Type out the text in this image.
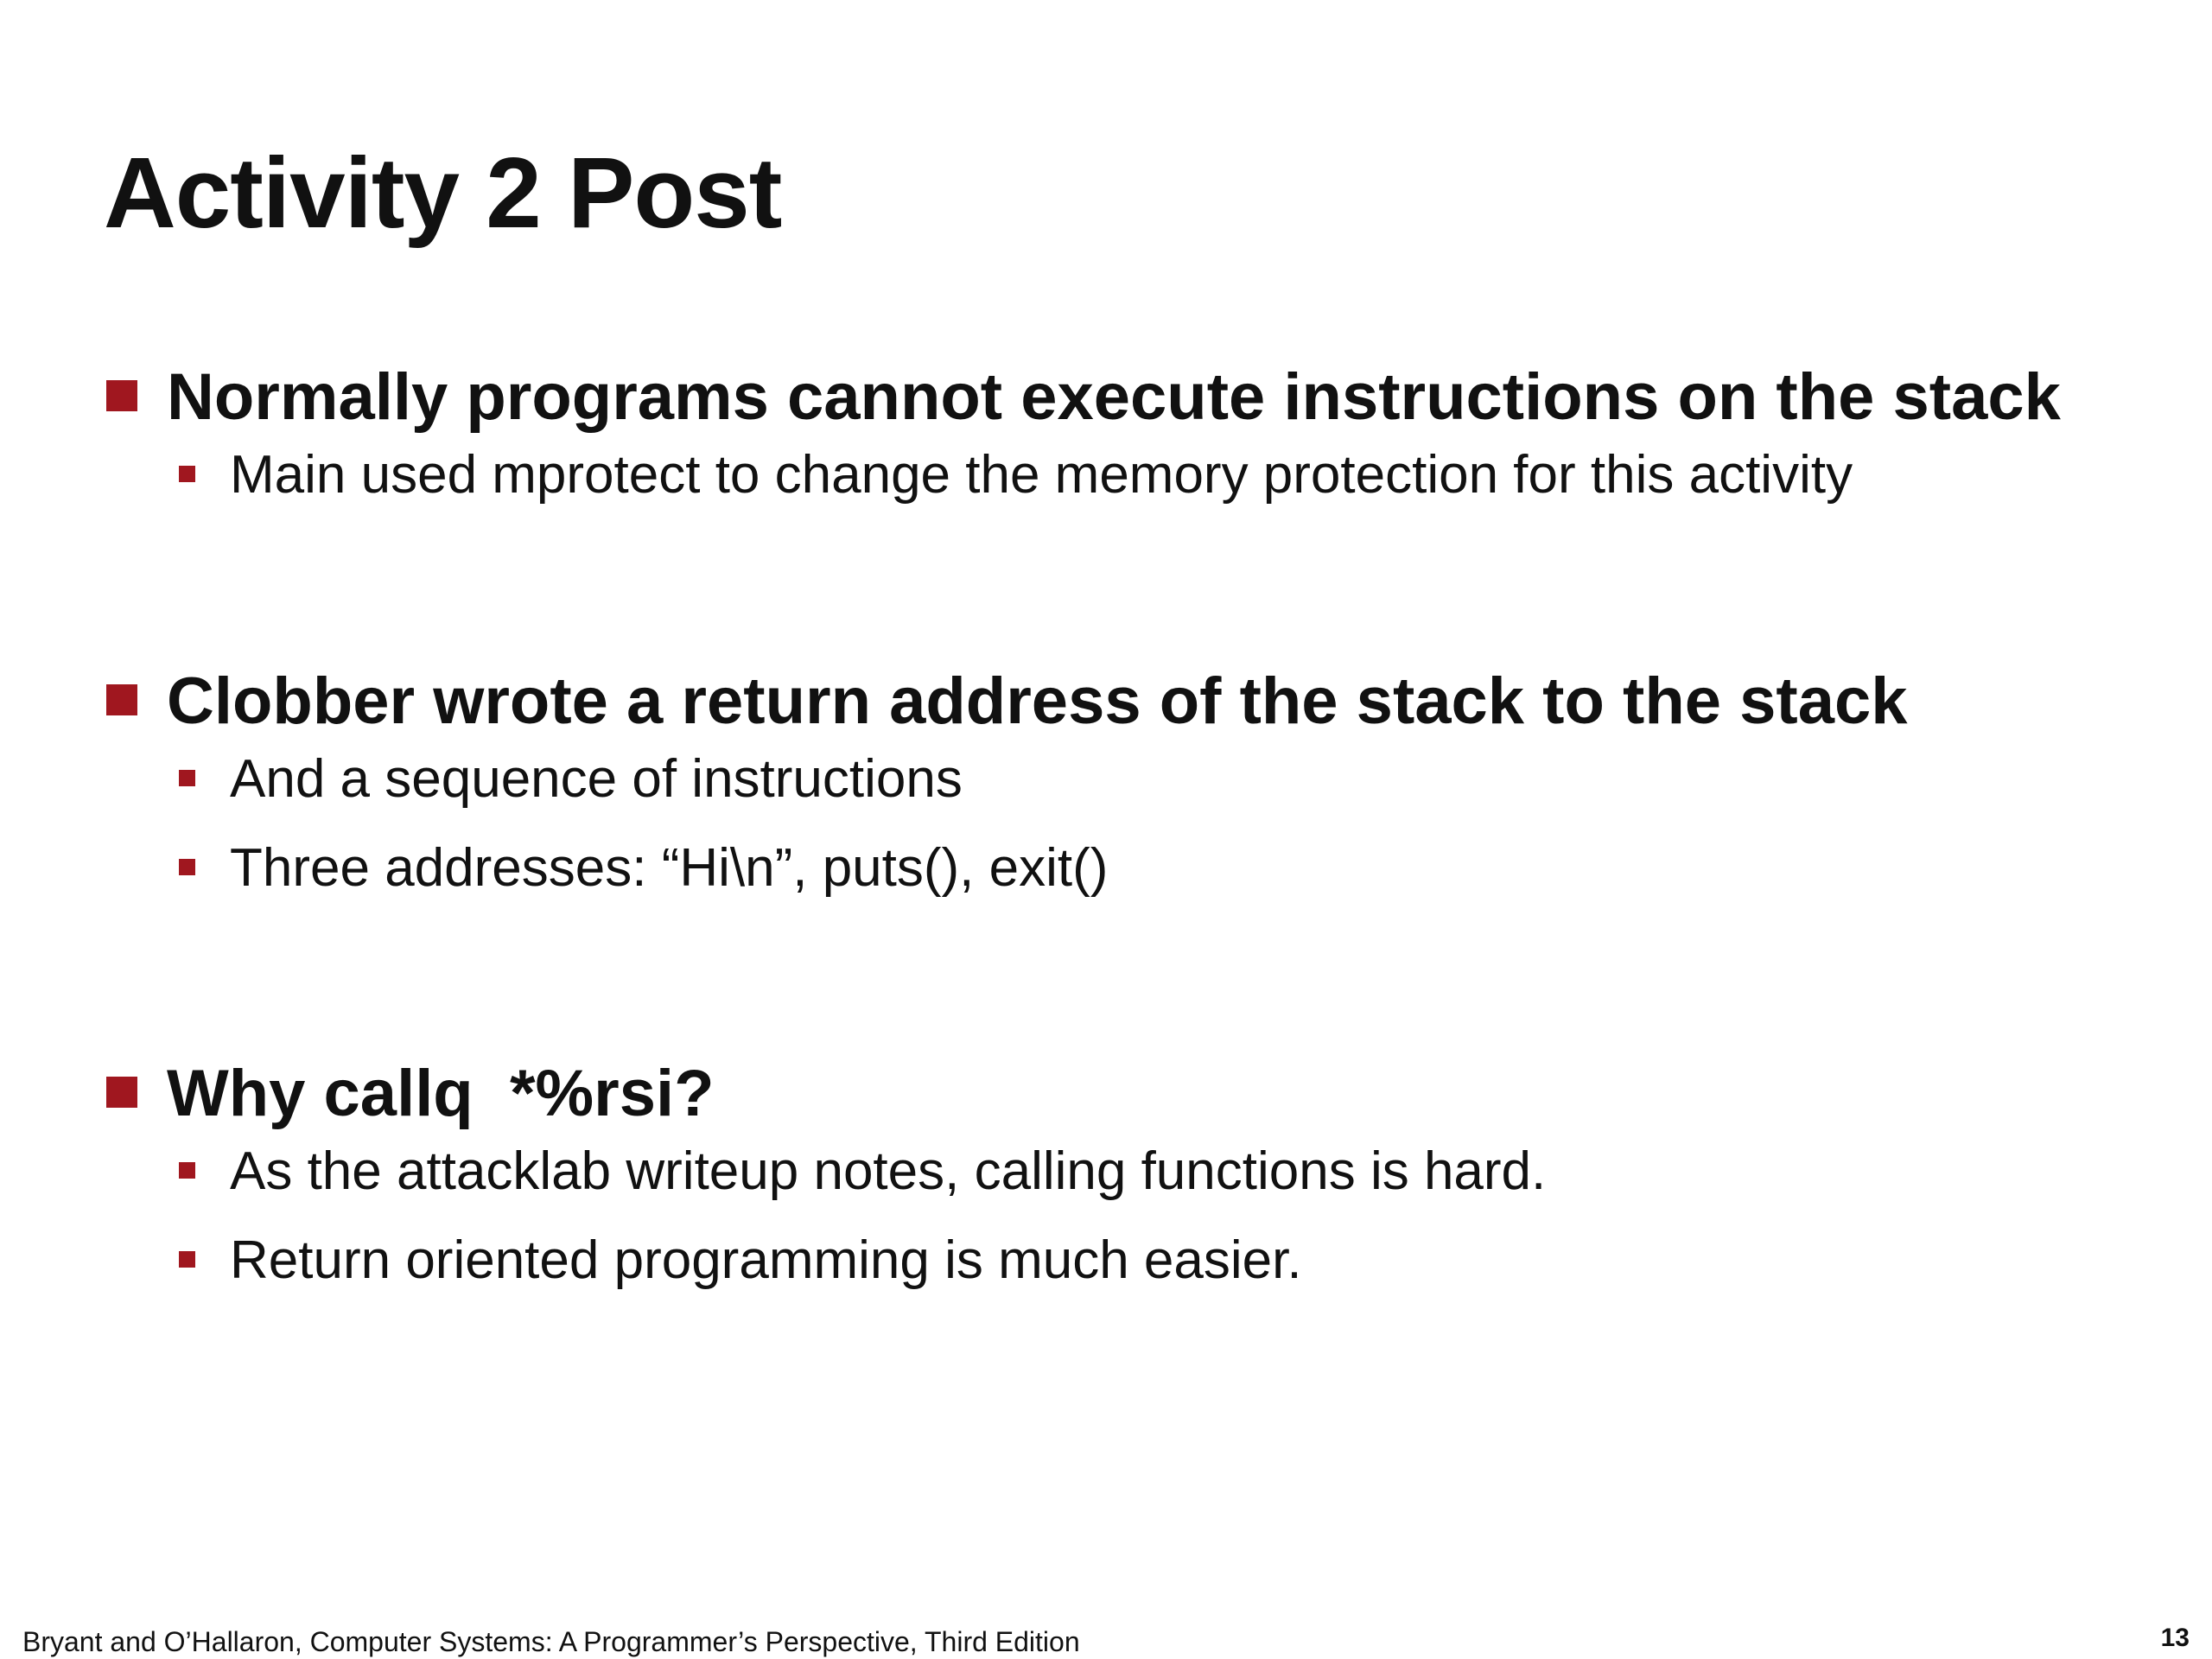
Activity 2 Post
Normally programs cannot execute instructions on the stack
Main used mprotect to change the memory protection for this activity
Clobber wrote a return address of the stack to the stack
And a sequence of instructions
Three addresses: “Hi\n”, puts(), exit()
Why callq  *%rsi?
As the attacklab writeup notes, calling functions is hard.
Return oriented programming is much easier.
Bryant and O’Hallaron, Computer Systems: A Programmer’s Perspective, Third Edition	13
